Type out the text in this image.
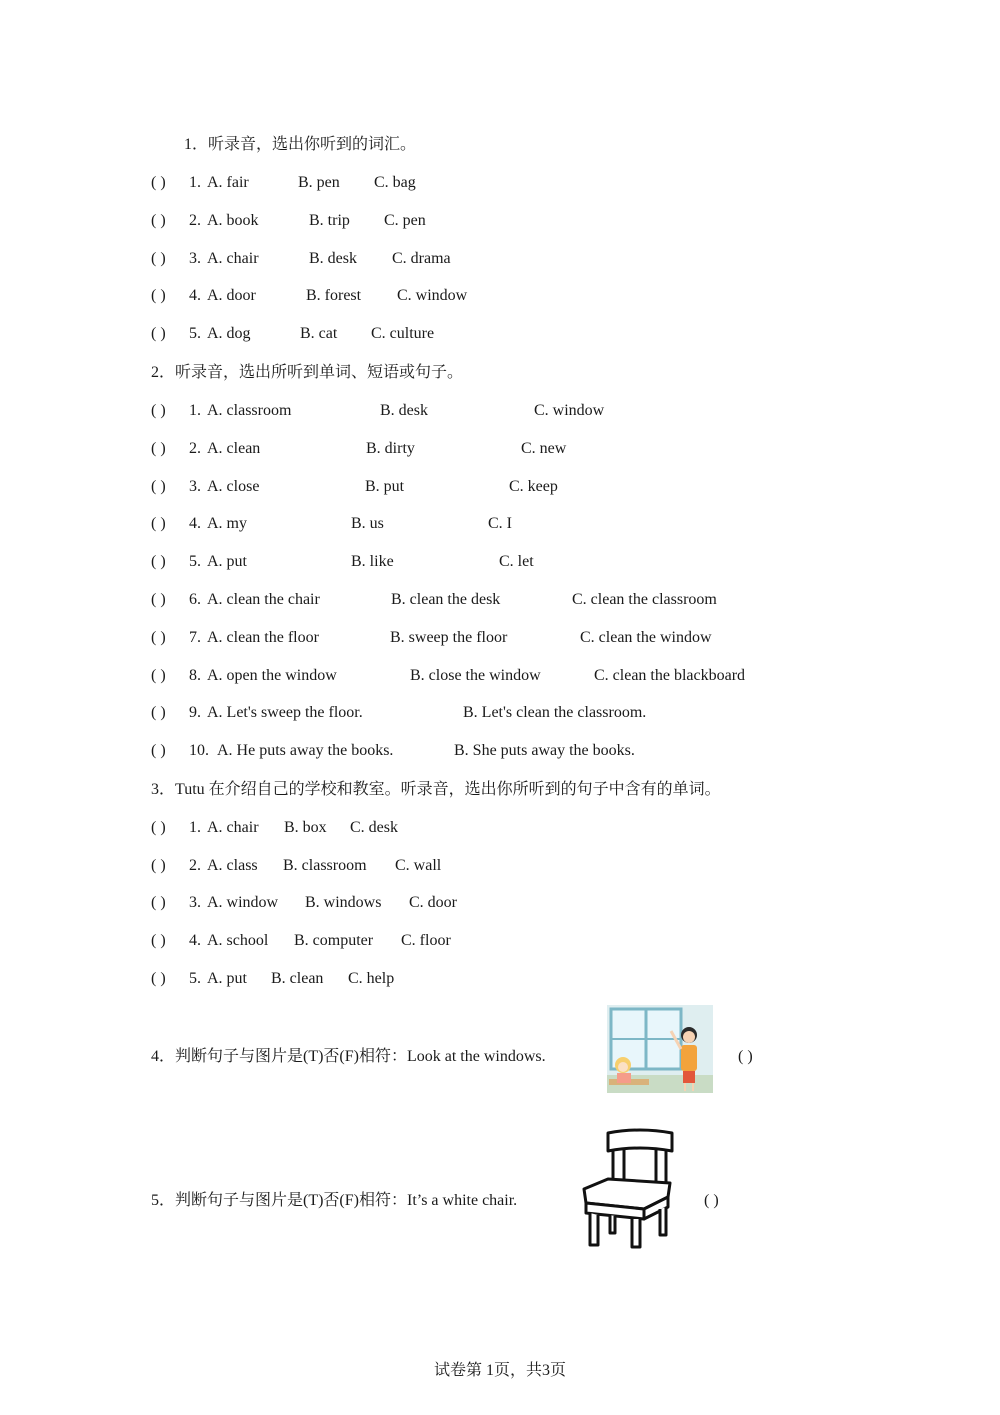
1．听录音，选出你听到的词汇。
( ) 1. A. fair	B. pen C. bag
( ) 2. A. book	B. trip C. pen
( ) 3. A. chair	B. desk C. drama
( ) 4. A. door	B. forest C. window
( ) 5. A. dog	B. cat C. culture
2．听录音，选出所听到单词、短语或句子。
( ) 1. A. classroom	B. desk	C. window
( ) 2. A. clean	B. dirty	C. new
( ) 3. A. close	B. put	C. keep
( ) 4. A. my	B. us	C. I
( ) 5. A. put	B. like	C. let
( ) 6. A. clean the chair	B. clean the desk	C. clean the classroom
( ) 7. A. clean the floor	B. sweep the floor	C. clean the window
( ) 8. A. open the window	B. close the window	C. clean the blackboard
( ) 9. A. Let's sweep the floor.	B. Let's clean the classroom.
( ) 10. A. He puts away the books.	B. She puts away the books.
3．Tutu 在介绍自己的学校和教室。听录音，选出你所听到的句子中含有的单词。
( ) 1. A. chair B. box C. desk
( ) 2. A. class B. classroom C. wall
( ) 3. A. window B. windows C. door
( ) 4. A. school B. computer C. floor
( ) 5. A. put B. clean C. help
4．判断句子与图片是(T)否(F)相符：Look at the windows.	( )
5．判断句子与图片是(T)否(F)相符：It’s a white chair.	( )
试卷第 1页，共3页
